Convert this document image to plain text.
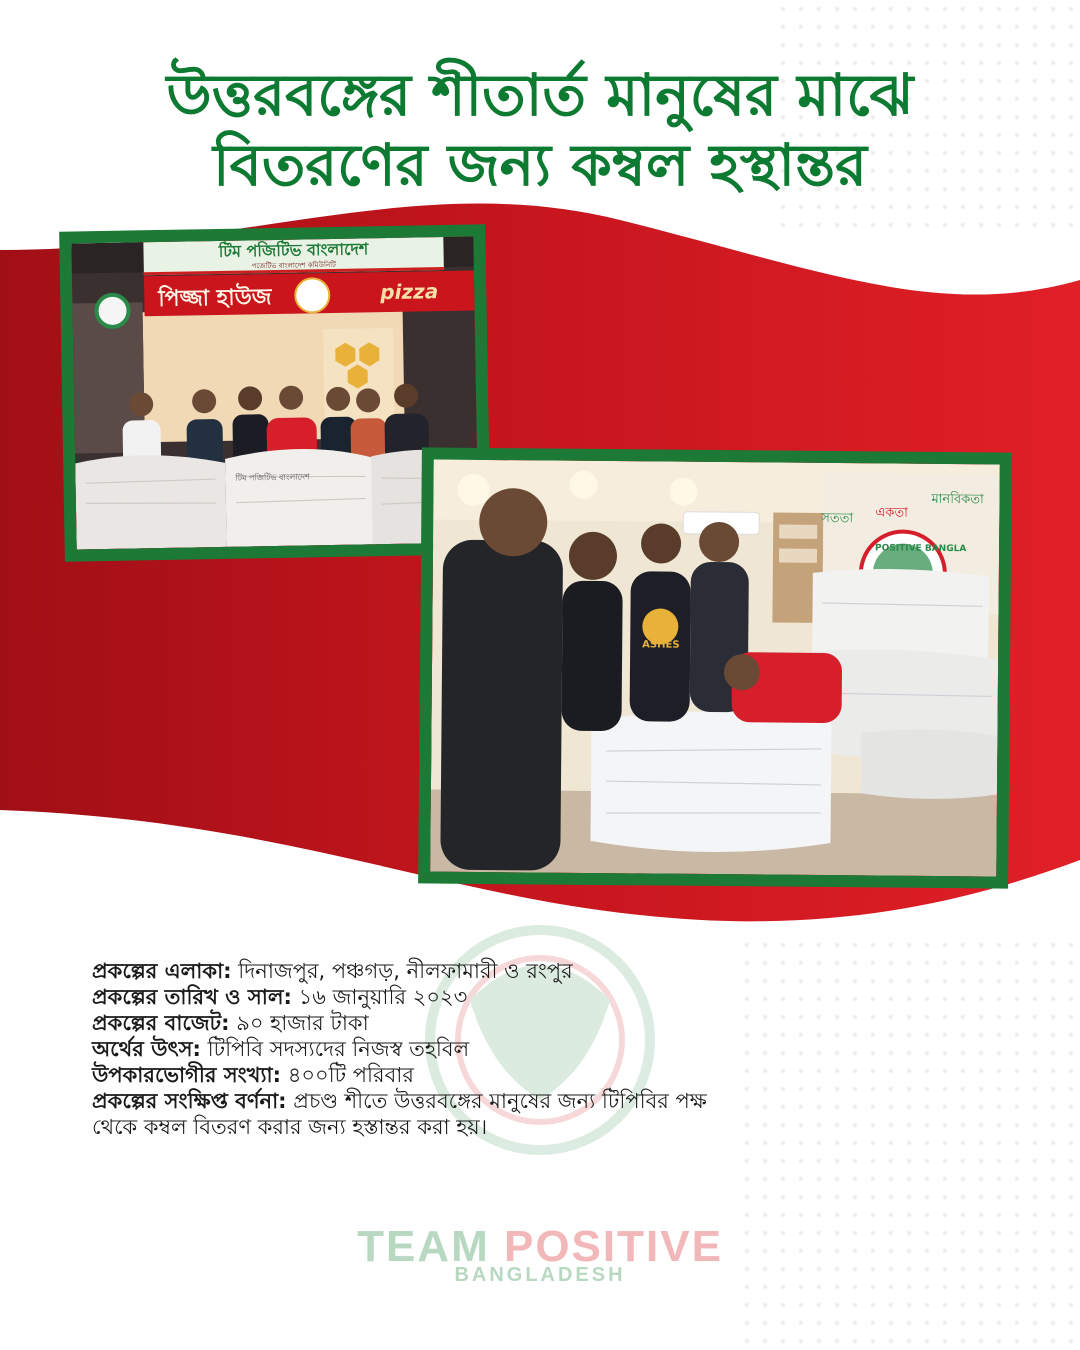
উত্তরবঙ্গের শীতার্ত মানুষের মাঝে
বিতরণের জন্য কম্বল হস্থান্তর
টিম পজিটিভ বাংলাদেশ
পজেটিভ বাংলাদেশ কমিউনিটি
পিজ্জা হাউজ	pizza
টিম পজিটিভ বাংলাদেশ
সততা একতা
মানবিকতা
POSITIVE BANGLA
ASHES

প্রকল্পের এলাকা: দিনাজপুর, পঞ্চগড়, নীলফামারী ও রংপুর

প্রকল্পের তারিখ ও সাল: ১৬ জানুয়ারি ২০২৩

প্রকল্পের বাজেট: ৯০ হাজার টাকা

অর্থের উৎস: টিপিবি সদস্যদের নিজস্ব তহবিল

উপকারভোগীর সংখ্যা: ৪০০টি পরিবার

প্রকল্পের সংক্ষিপ্ত বর্ণনা: প্রচণ্ড শীতে উত্তরবঙ্গের মানুষের জন্য টিপিবির পক্ষ

থেকে কম্বল বিতরণ করার জন্য হস্তান্তর করা হয়।

TEAM POSITIVE
BANGLADESH
